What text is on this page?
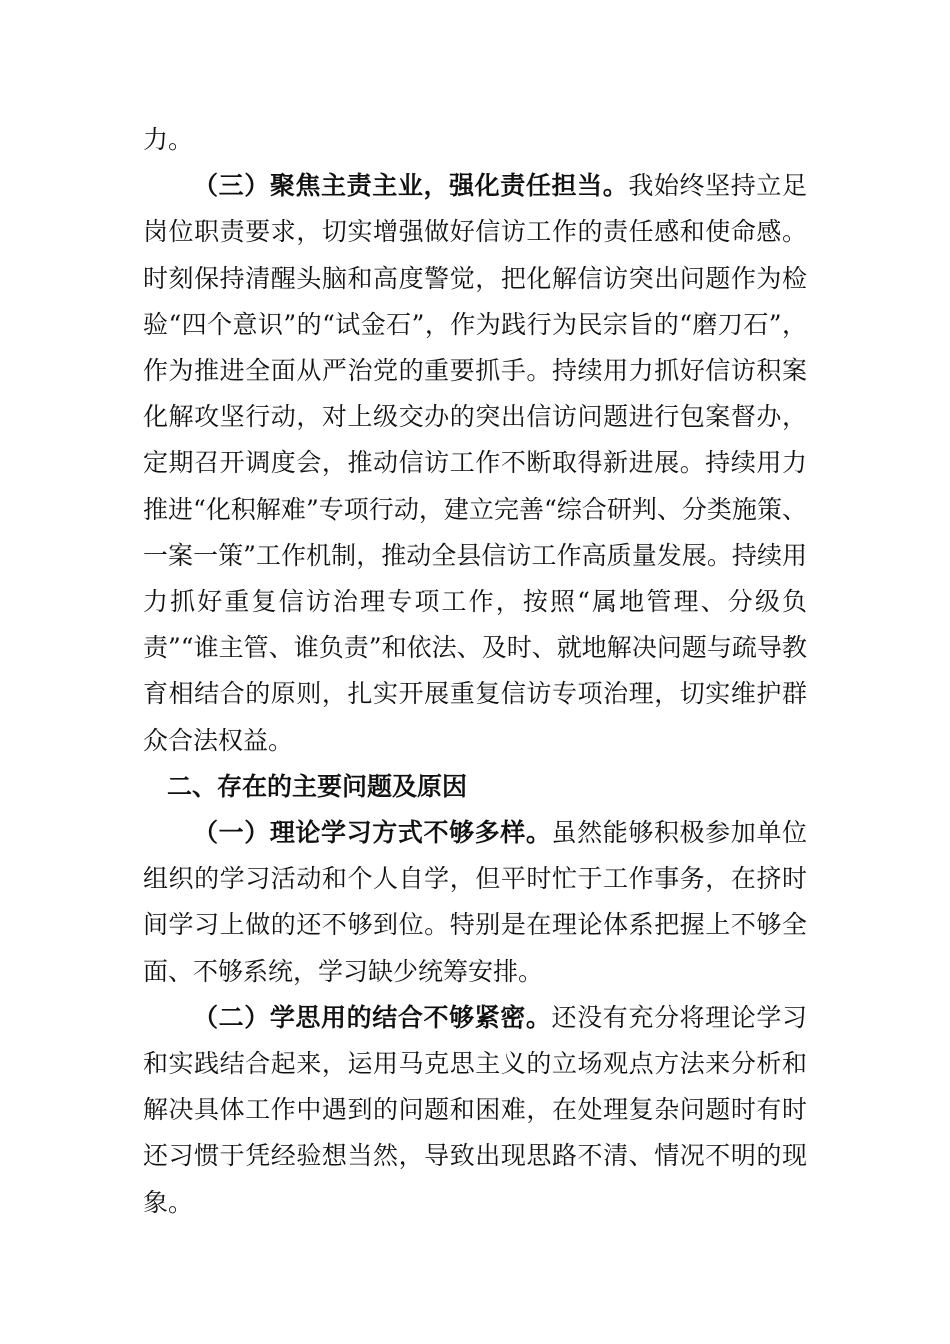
力。

（三）聚焦主责主业，强化责任担当。我始终坚持立足岗位职责要求，切实增强做好信访工作的责任感和使命感。时刻保持清醒头脑和高度警觉，把化解信访突出问题作为检验“四个意识”的“试金石”，作为践行为民宗旨的“磨刀石”，作为推进全面从严治党的重要抓手。持续用力抓好信访积案化解攻坚行动，对上级交办的突出信访问题进行包案督办，定期召开调度会，推动信访工作不断取得新进展。持续用力推进“化积解难”专项行动，建立完善“综合研判、分类施策、一案一策”工作机制，推动全县信访工作高质量发展。持续用力抓好重复信访治理专项工作，按照“属地管理、分级负责”“谁主管、谁负责”和依法、及时、就地解决问题与疏导教育相结合的原则，扎实开展重复信访专项治理，切实维护群众合法权益。

二、存在的主要问题及原因

（一）理论学习方式不够多样。虽然能够积极参加单位组织的学习活动和个人自学，但平时忙于工作事务，在挤时间学习上做的还不够到位。特别是在理论体系把握上不够全面、不够系统，学习缺少统筹安排。

（二）学思用的结合不够紧密。还没有充分将理论学习和实践结合起来，运用马克思主义的立场观点方法来分析和解决具体工作中遇到的问题和困难，在处理复杂问题时有时还习惯于凭经验想当然，导致出现思路不清、情况不明的现象。
